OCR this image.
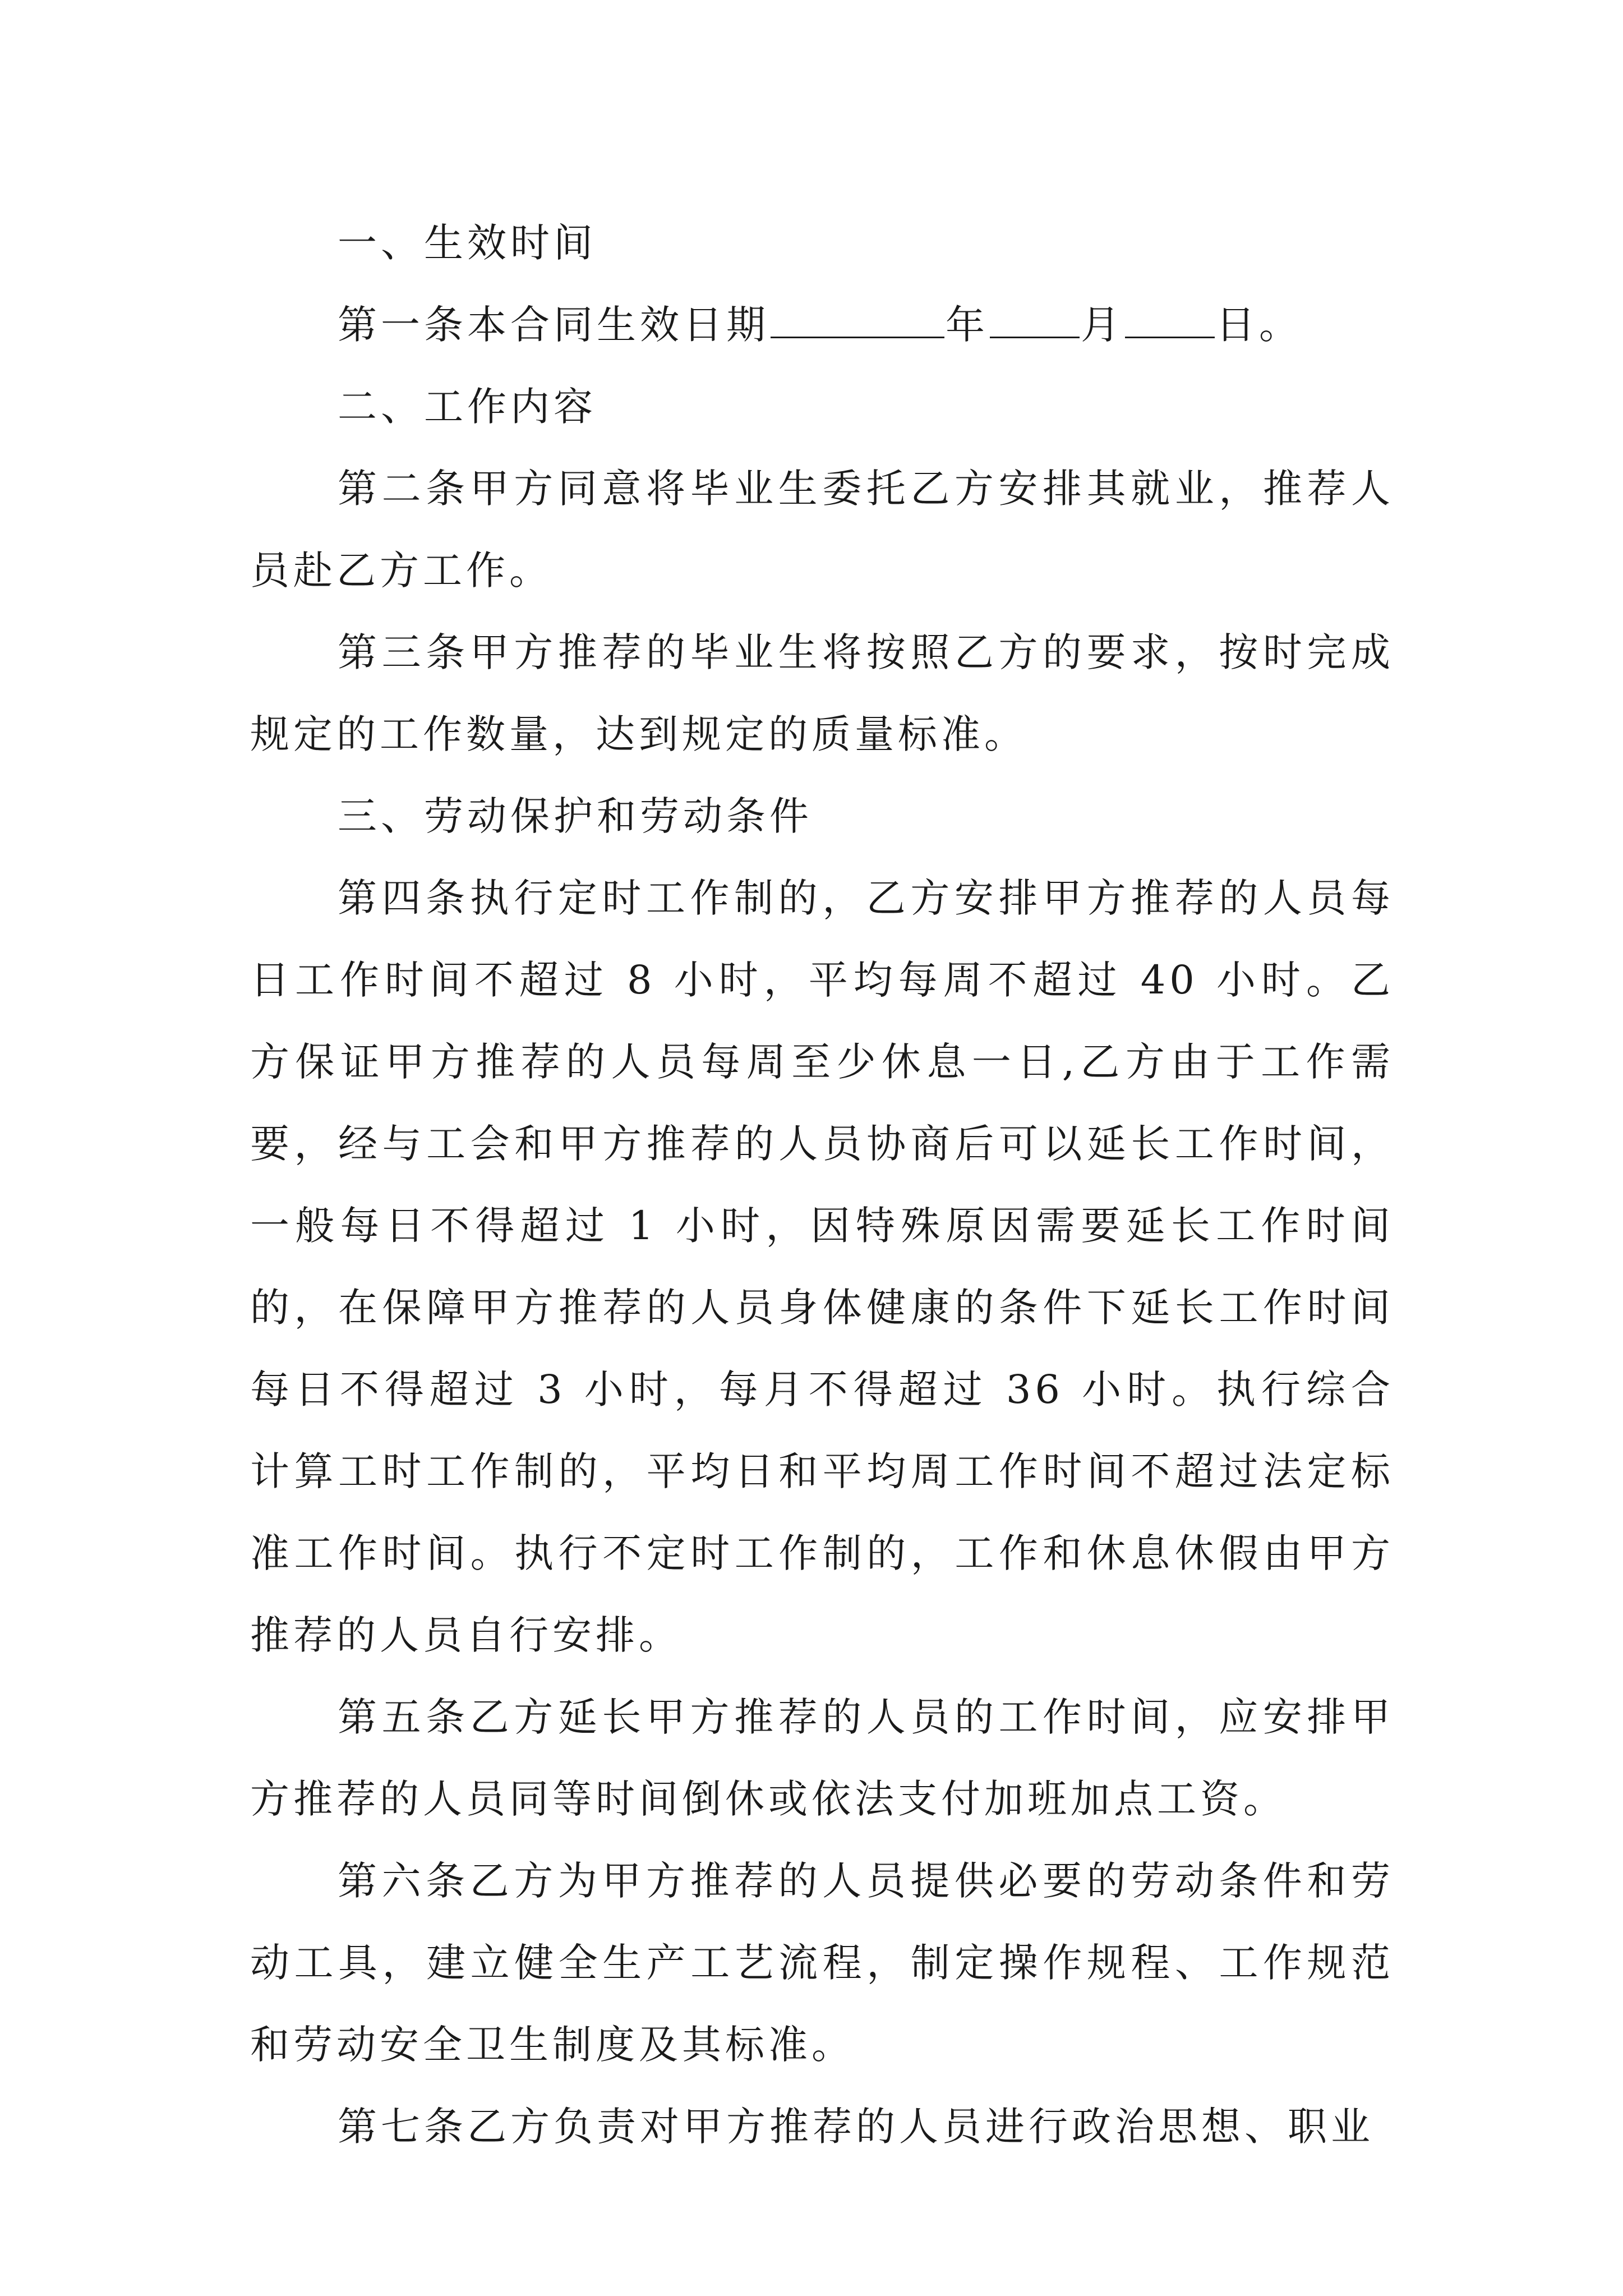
一、生效时间

第一条本合同生效日期	年 月 日。

二、工作内容

第二条甲方同意将毕业生委托乙方安排其就业，推荐人员赴乙方工作。

第三条甲方推荐的毕业生将按照乙方的要求，按时完成规定的工作数量，达到规定的质量标准。

三、劳动保护和劳动条件

第四条执行定时工作制的，乙方安排甲方推荐的人员每日工作时间不超过 8 小时，平均每周不超过 40 小时。乙方保证甲方推荐的人员每周至少休息一日,乙方由于工作需要，经与工会和甲方推荐的人员协商后可以延长工作时间，一般每日不得超过 1 小时，因特殊原因需要延长工作时间的，在保障甲方推荐的人员身体健康的条件下延长工作时间每日不得超过 3 小时，每月不得超过 36 小时。执行综合计算工时工作制的，平均日和平均周工作时间不超过法定标准工作时间。执行不定时工作制的，工作和休息休假由甲方推荐的人员自行安排。

第五条乙方延长甲方推荐的人员的工作时间，应安排甲方推荐的人员同等时间倒休或依法支付加班加点工资。

第六条乙方为甲方推荐的人员提供必要的劳动条件和劳动工具，建立健全生产工艺流程，制定操作规程、工作规范和劳动安全卫生制度及其标准。

第七条乙方负责对甲方推荐的人员进行政治思想、职业
